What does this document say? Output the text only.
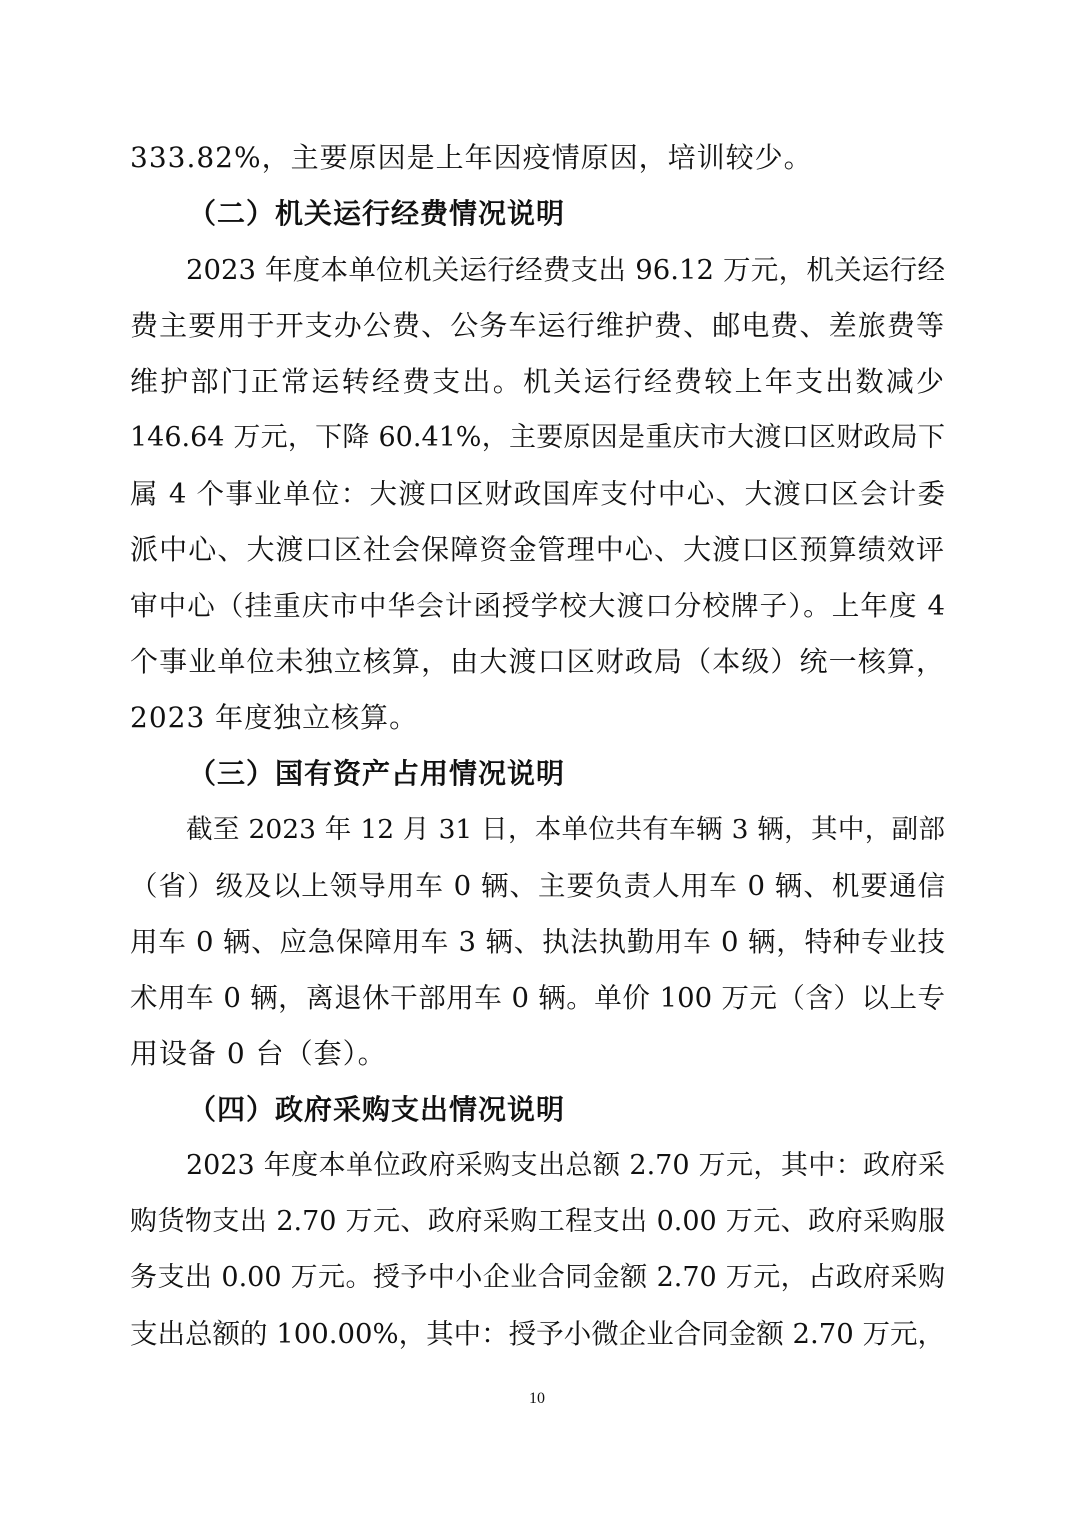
333.82%，主要原因是上年因疫情原因，培训较少。
（二）机关运行经费情况说明
2023 年度本单位机关运行经费支出 96.12 万元，机关运行经
费主要用于开支办公费、公务车运行维护费、邮电费、差旅费等
维护部门正常运转经费支出。机关运行经费较上年支出数减少
146.64 万元，下降 60.41%，主要原因是重庆市大渡口区财政局下
属 4 个事业单位：大渡口区财政国库支付中心、大渡口区会计委
派中心、大渡口区社会保障资金管理中心、大渡口区预算绩效评
审中心（挂重庆市中华会计函授学校大渡口分校牌子）。上年度 4
个事业单位未独立核算，由大渡口区财政局（本级）统一核算，
2023 年度独立核算。
（三）国有资产占用情况说明
截至 2023 年 12 月 31 日，本单位共有车辆 3 辆，其中，副部
（省）级及以上领导用车 0 辆、主要负责人用车 0 辆、机要通信
用车 0 辆、应急保障用车 3 辆、执法执勤用车 0 辆，特种专业技
术用车 0 辆，离退休干部用车 0 辆。单价 100 万元（含）以上专
用设备 0 台（套）。
（四）政府采购支出情况说明
2023 年度本单位政府采购支出总额 2.70 万元，其中：政府采
购货物支出 2.70 万元、政府采购工程支出 0.00 万元、政府采购服
务支出 0.00 万元。授予中小企业合同金额 2.70 万元，占政府采购
支出总额的 100.00%，其中：授予小微企业合同金额 2.70 万元，
10
